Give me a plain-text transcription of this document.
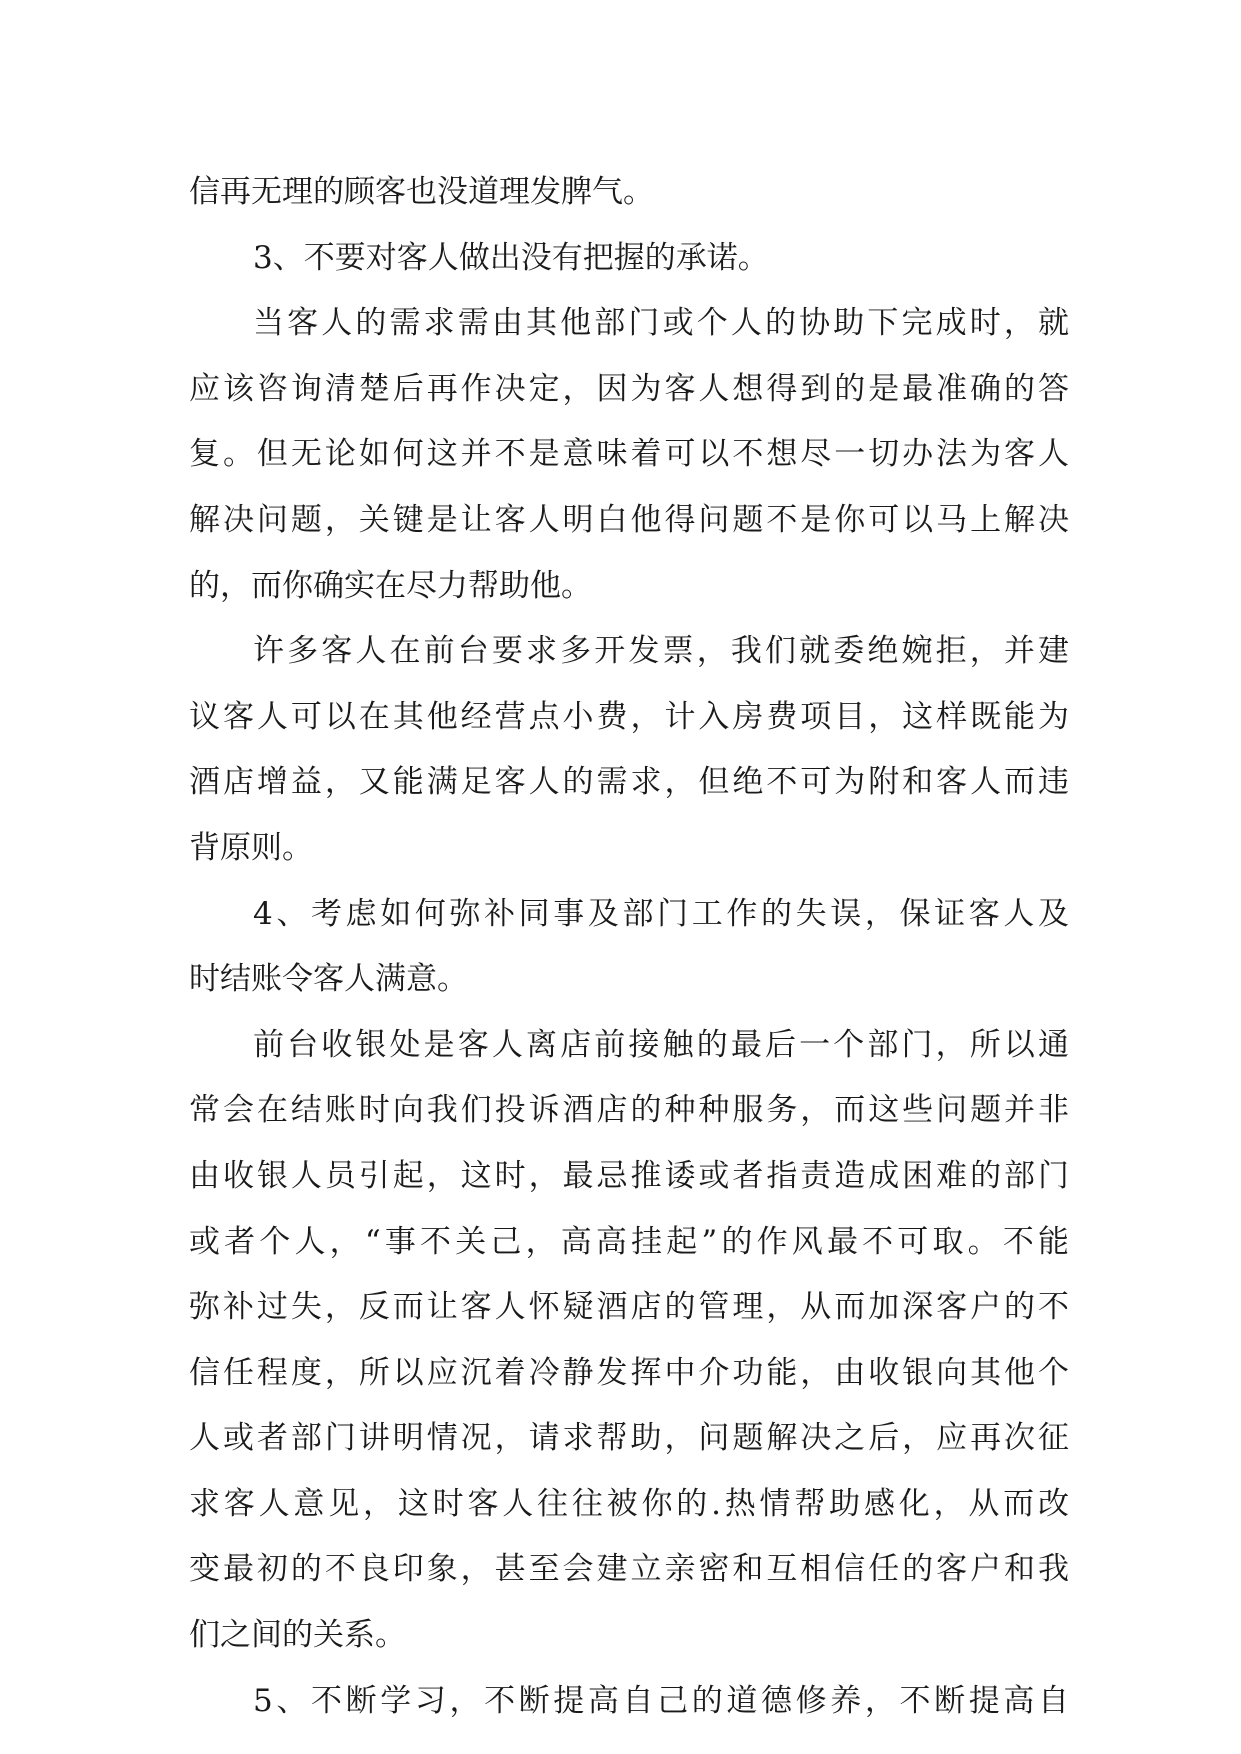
信再无理的顾客也没道理发脾气。
3、不要对客人做出没有把握的承诺。
当客人的需求需由其他部门或个人的协助下完成时，就
应该咨询清楚后再作决定，因为客人想得到的是最准确的答
复。但无论如何这并不是意味着可以不想尽一切办法为客人
解决问题，关键是让客人明白他得问题不是你可以马上解决
的，而你确实在尽力帮助他。
许多客人在前台要求多开发票，我们就委绝婉拒，并建
议客人可以在其他经营点小费，计入房费项目，这样既能为
酒店增益，又能满足客人的需求，但绝不可为附和客人而违
背原则。
4、考虑如何弥补同事及部门工作的失误，保证客人及
时结账令客人满意。
前台收银处是客人离店前接触的最后一个部门，所以通
常会在结账时向我们投诉酒店的种种服务，而这些问题并非
由收银人员引起，这时，最忌推诿或者指责造成困难的部门
或者个人，“事不关己，高高挂起”的作风最不可取。不能
弥补过失，反而让客人怀疑酒店的管理，从而加深客户的不
信任程度，所以应沉着冷静发挥中介功能，由收银向其他个
人或者部门讲明情况，请求帮助，问题解决之后，应再次征
求客人意见，这时客人往往被你的.热情帮助感化，从而改
变最初的不良印象，甚至会建立亲密和互相信任的客户和我
们之间的关系。
5、不断学习，不断提高自己的道德修养，不断提高自
